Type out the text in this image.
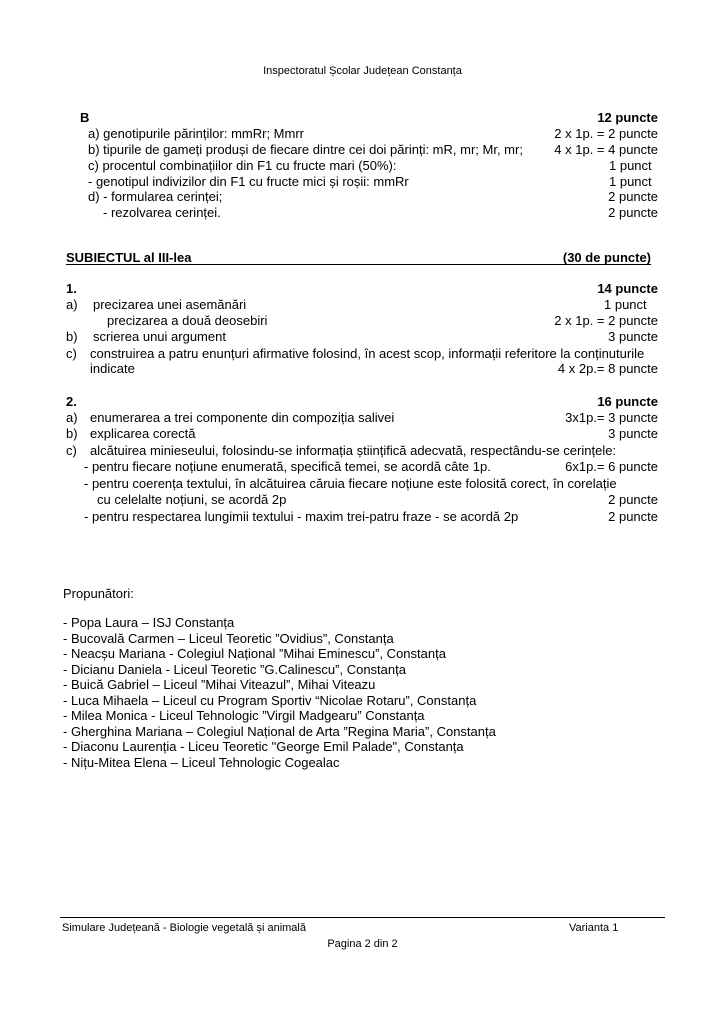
Inspectoratul Școlar Județean Constanța
B	12 puncte
a) genotipurile părinților: mmRr; Mmrr	2 x 1p. = 2 puncte
b) tipurile de gameți produși de fiecare dintre cei doi părinți: mR, mr; Mr, mr; 4 x 1p. = 4 puncte
c) procentul combinațiilor din F1 cu fructe mari (50%):	1 punct
- genotipul indivizilor din F1 cu fructe mici și roșii: mmRr	1 punct
d) - formularea cerinței;	2 puncte
- rezolvarea cerinței.	2 puncte
SUBIECTUL al III-lea	(30 de puncte)
1.	14 puncte
a) precizarea unei asemănări	1 punct
precizarea a două deosebiri	2 x 1p. = 2 puncte
b) scrierea unui argument	3 puncte
c) construirea a patru enunțuri afirmative folosind, în acest scop, informații referitore la conținuturile
indicate	4 x 2p.= 8 puncte
2.	16 puncte
a) enumerarea a trei componente din compoziția salivei	3x1p.= 3 puncte
b) explicarea corectă	3 puncte
c) alcătuirea minieseului, folosindu-se informația științifică adecvată, respectându-se cerințele:
- pentru fiecare noțiune enumerată, specifică temei, se acordă câte 1p.	6x1p.= 6 puncte
- pentru coerența textului, în alcătuirea căruia fiecare noțiune este folosită corect, în corelație
cu celelalte noțiuni, se acordă 2p	2 puncte
- pentru respectarea lungimii textului - maxim trei-patru fraze - se acordă 2p	2 puncte
Propunători:
- Popa Laura – ISJ Constanța
- Bucovală Carmen – Liceul Teoretic ”Ovidius”, Constanța
- Neacșu Mariana - Colegiul Național ”Mihai Eminescu”, Constanța
- Dicianu Daniela - Liceul Teoretic ”G.Calinescu”, Constanța
- Buică Gabriel – Liceul ”Mihai Viteazul”, Mihai Viteazu
- Luca Mihaela – Liceul cu Program Sportiv “Nicolae Rotaru”, Constanța
- Milea Monica - Liceul Tehnologic ”Virgil Madgearu” Constanța
- Gherghina Mariana – Colegiul Național de Arta ”Regina Maria”, Constanța
- Diaconu Laurenția - Liceu Teoretic "George Emil Palade", Constanța
- Nițu-Mitea Elena – Liceul Tehnologic Cogealac
Simulare Județeană - Biologie vegetală și animală	Varianta 1
Pagina 2 din 2
